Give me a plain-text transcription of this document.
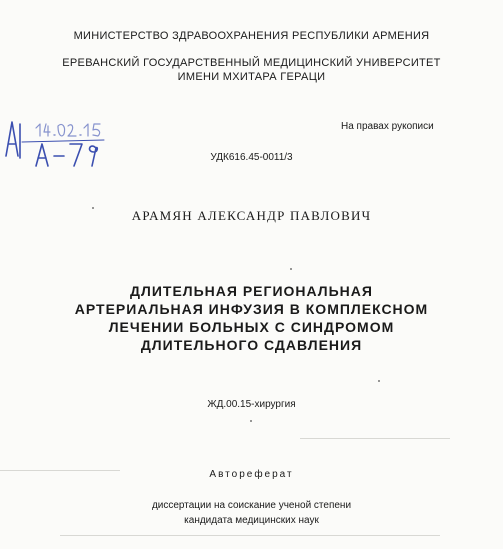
МИНИСТЕРСТВО ЗДРАВООХРАНЕНИЯ РЕСПУБЛИКИ АРМЕНИЯ
ЕРЕВАНСКИЙ ГОСУДАРСТВЕННЫЙ МЕДИЦИНСКИЙ УНИВЕРСИТЕТ
ИМЕНИ МХИТАРА ГЕРАЦИ
На правах рукописи
УДК616.45-0011/3
АРАМЯН АЛЕКСАНДР ПАВЛОВИЧ
ДЛИТЕЛЬНАЯ РЕГИОНАЛЬНАЯ
АРТЕРИАЛЬНАЯ ИНФУЗИЯ В КОМПЛЕКСНОМ
ЛЕЧЕНИИ БОЛЬНЫХ С СИНДРОМОМ
ДЛИТЕЛЬНОГО СДАВЛЕНИЯ
ЖД.00.15-хирургия
Автореферат
диссертации на соискание ученой степени
кандидата медицинских наук
